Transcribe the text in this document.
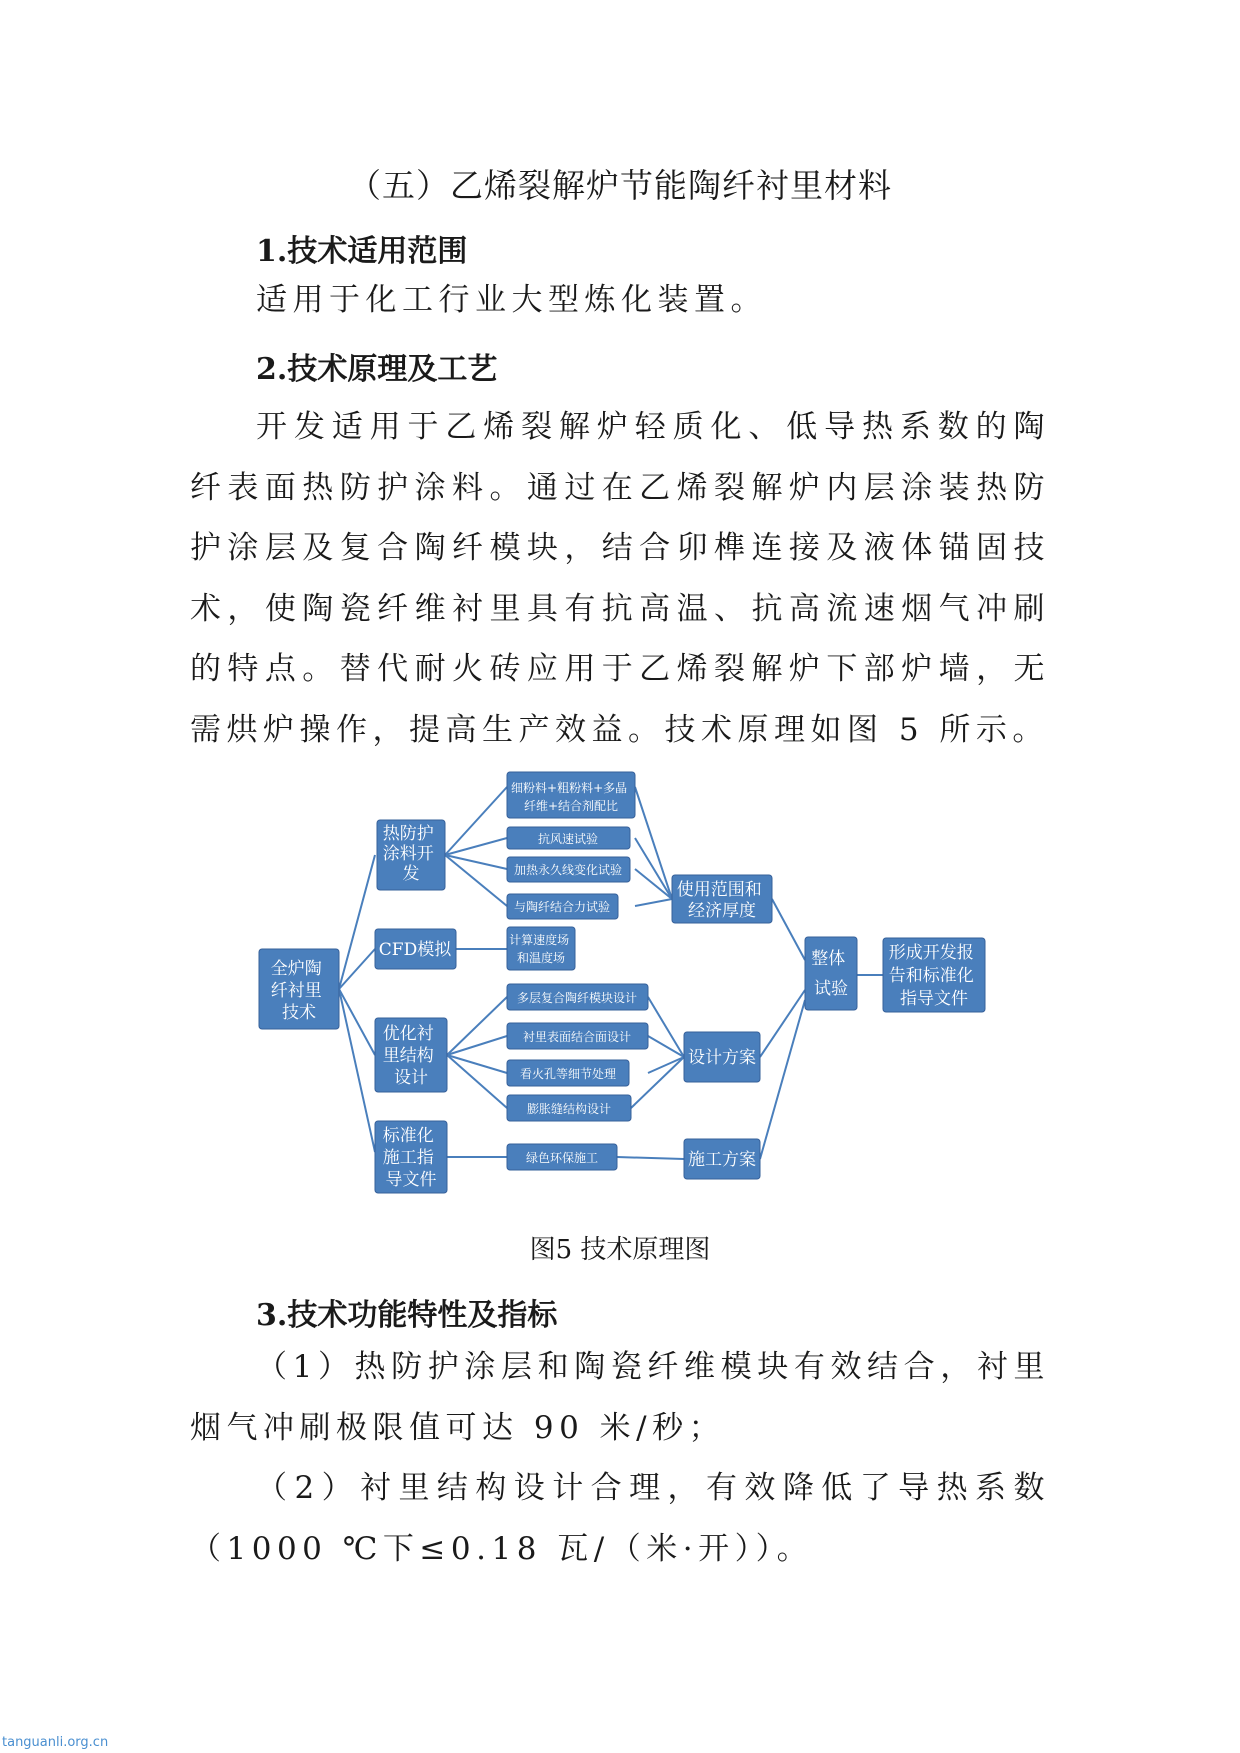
（五）乙烯裂解炉节能陶纤衬里材料
1.技术适用范围
适用于化工行业大型炼化装置。
2.技术原理及工艺
开发适用于乙烯裂解炉轻质化、低导热系数的陶纤表面热防护涂料。通过在乙烯裂解炉内层涂装热防护涂层及复合陶纤模块，结合卯榫连接及液体锚固技术，使陶瓷纤维衬里具有抗高温、抗高流速烟气冲刷的特点。替代耐火砖应用于乙烯裂解炉下部炉墙，无需烘炉操作，提高生产效益。技术原理如图 5 所示。
全炉陶 纤衬里 技术
热防护 涂料开 发
CFD模拟
优化衬 里结构 设计
标准化 施工指 导文件
细粉料+粗粉料+多晶 纤维+结合剂配比
抗风速试验
加热永久线变化试验
与陶纤结合力试验
计算速度场 和温度场
多层复合陶纤模块设计
衬里表面结合面设计
看火孔等细节处理
膨胀缝结构设计
绿色环保施工
使用范围和 经济厚度
设计方案
施工方案
整体 试验
形成开发报 告和标准化 指导文件
图5 技术原理图
3.技术功能特性及指标
（1）热防护涂层和陶瓷纤维模块有效结合，衬里烟气冲刷极限值可达 90 米/秒；
（2）衬里结构设计合理，有效降低了导热系数（1000 ℃下≤0.18 瓦/（米·开））。
tanguanli.org.cn
